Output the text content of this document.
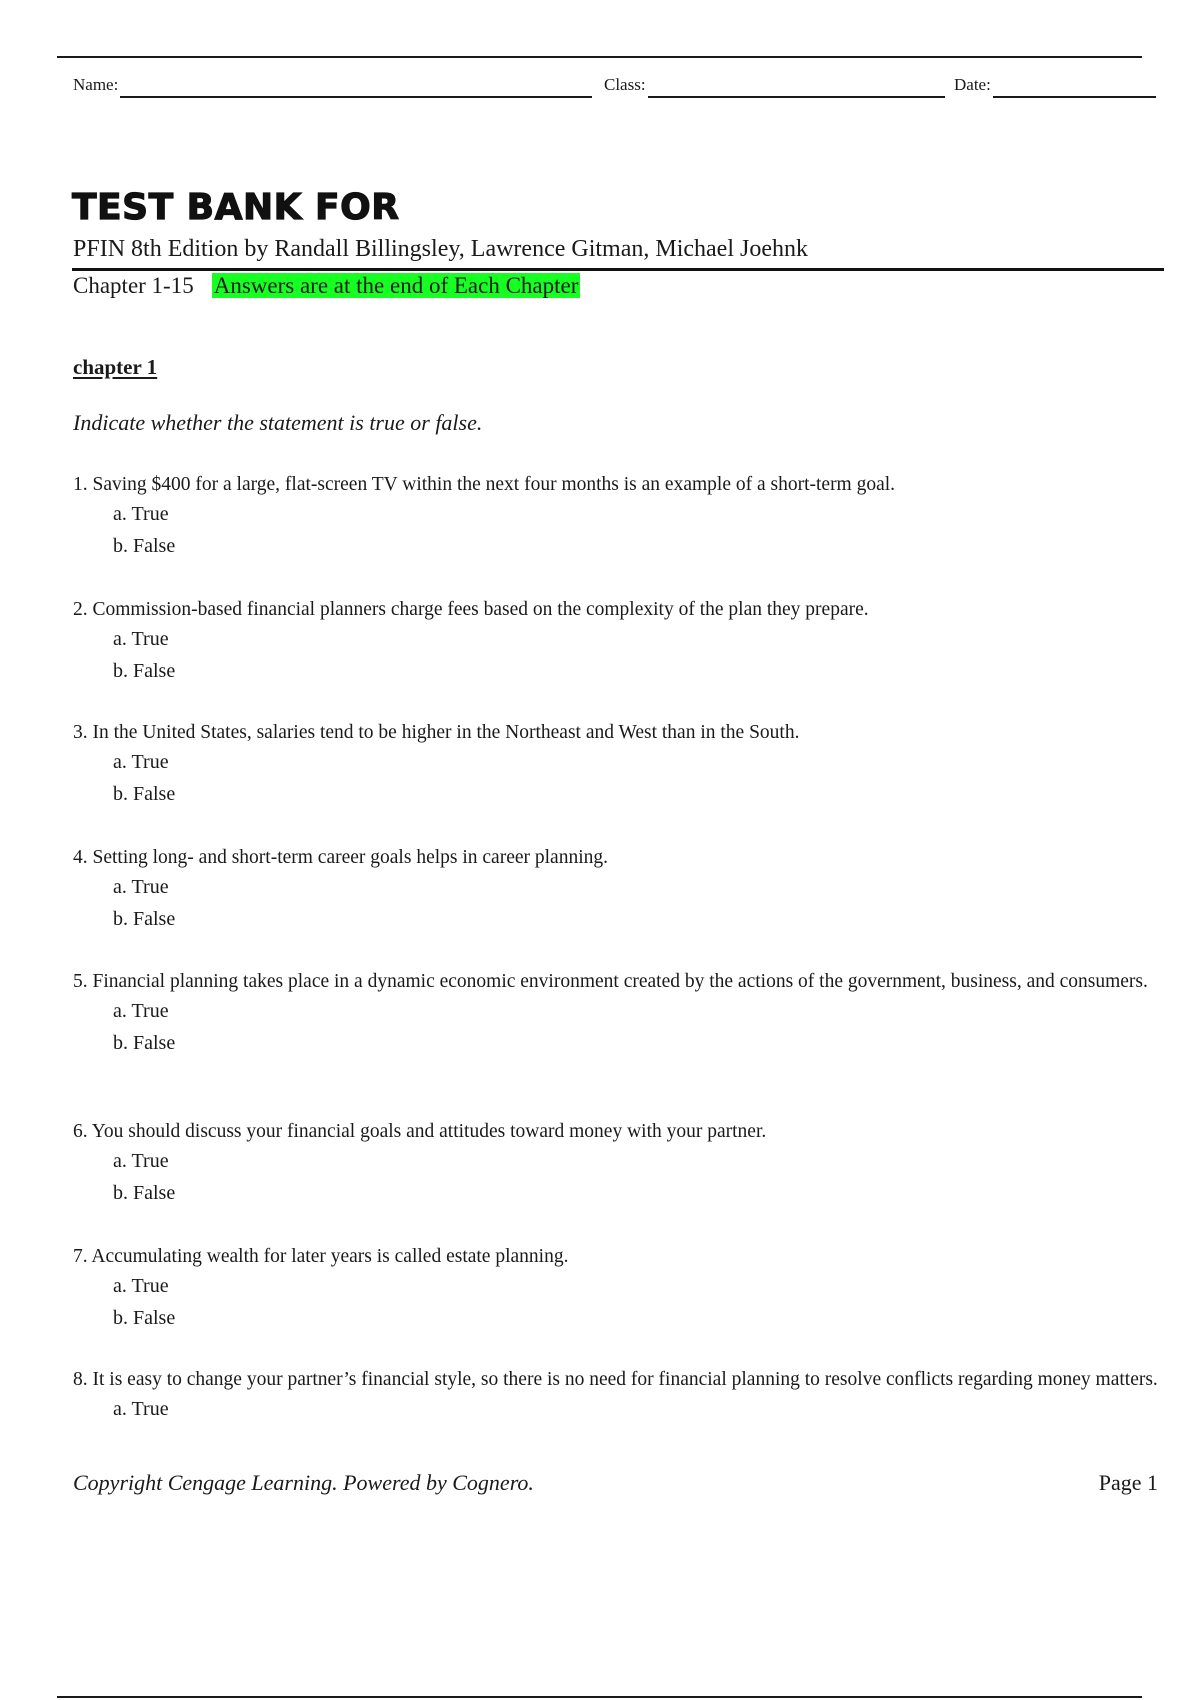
Name:	Class:	Date:
TEST BANK FOR
PFIN 8th Edition by Randall Billingsley, Lawrence Gitman, Michael Joehnk
Chapter 1-15 Answers are at the end of Each Chapter
chapter 1
Indicate whether the statement is true or false.
1. Saving $400 for a large, flat-screen TV within the next four months is an example of a short-term goal.
a. True
b. False
2. Commission-based financial planners charge fees based on the complexity of the plan they prepare.
a. True
b. False
3. In the United States, salaries tend to be higher in the Northeast and West than in the South.
a. True
b. False
4. Setting long- and short-term career goals helps in career planning.
a. True
b. False
5. Financial planning takes place in a dynamic economic environment created by the actions of the government, business, and consumers.
a. True
b. False
6. You should discuss your financial goals and attitudes toward money with your partner.
a. True
b. False
7. Accumulating wealth for later years is called estate planning.
a. True
b. False
8. It is easy to change your partner’s financial style, so there is no need for financial planning to resolve conflicts regarding money matters.
a. True
Copyright Cengage Learning. Powered by Cognero.	Page 1
